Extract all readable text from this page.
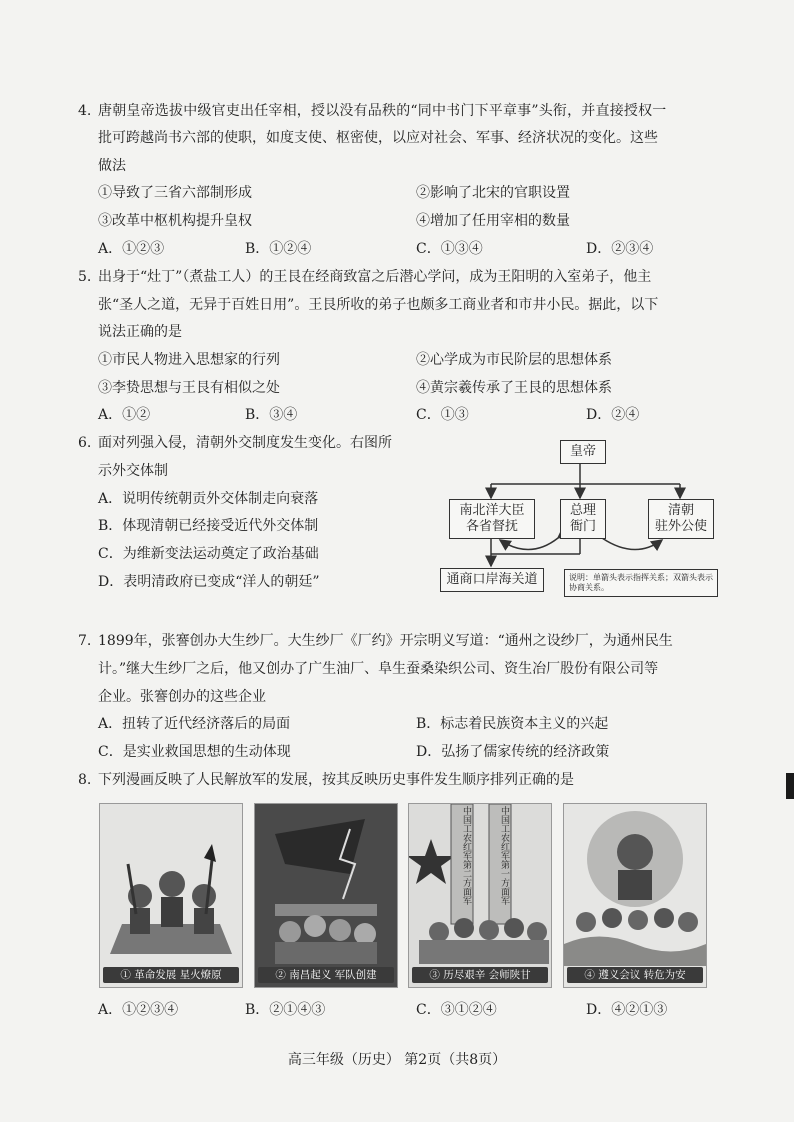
4. 唐朝皇帝选拔中级官吏出任宰相，授以没有品秩的“同中书门下平章事”头衔，并直接授权一
批可跨越尚书六部的使职，如度支使、枢密使，以应对社会、军事、经济状况的变化。这些
做法
①导致了三省六部制形成	②影响了北宋的官职设置
③改革中枢机构提升皇权	④增加了任用宰相的数量
A．①②③	B．①②④	C．①③④	D．②③④
5. 出身于“灶丁”（煮盐工人）的王艮在经商致富之后潜心学问，成为王阳明的入室弟子，他主
张“圣人之道，无异于百姓日用”。王艮所收的弟子也颇多工商业者和市井小民。据此，以下
说法正确的是
①市民人物进入思想家的行列	②心学成为市民阶层的思想体系
③李贽思想与王艮有相似之处	④黄宗羲传承了王艮的思想体系
A．①②	B．③④	C．①③	D．②④
6. 面对列强入侵，清朝外交制度发生变化。右图所
示外交体制
A．说明传统朝贡外交体制走向衰落
B．体现清朝已经接受近代外交体制
C．为维新变法运动奠定了政治基础
D．表明清政府已变成“洋人的朝廷”
皇帝
南北洋大臣
各省督抚
总理
衙门
清朝
驻外公使
通商口岸海关道	说明：单箭头表示指挥关系；双箭头表示协商关系。
7. 1899年，张謇创办大生纱厂。大生纱厂《厂约》开宗明义写道：“通州之设纱厂，为通州民生
计。”继大生纱厂之后，他又创办了广生油厂、阜生蚕桑染织公司、资生冶厂股份有限公司等
企业。张謇创办的这些企业
A．扭转了近代经济落后的局面	B．标志着民族资本主义的兴起
C．是实业救国思想的生动体现	D．弘扬了儒家传统的经济政策
8. 下列漫画反映了人民解放军的发展，按其反映历史事件发生顺序排列正确的是
① 革命发展 星火燎原	② 南昌起义 军队创建
中国工农红军第二方面军	中国工农红军第一方面军
③ 历尽艰辛 会师陕甘	④ 遵义会议 转危为安
A．①②③④	B．②①④③	C．③①②④	D．④②①③
高三年级（历史） 第2页（共8页）
